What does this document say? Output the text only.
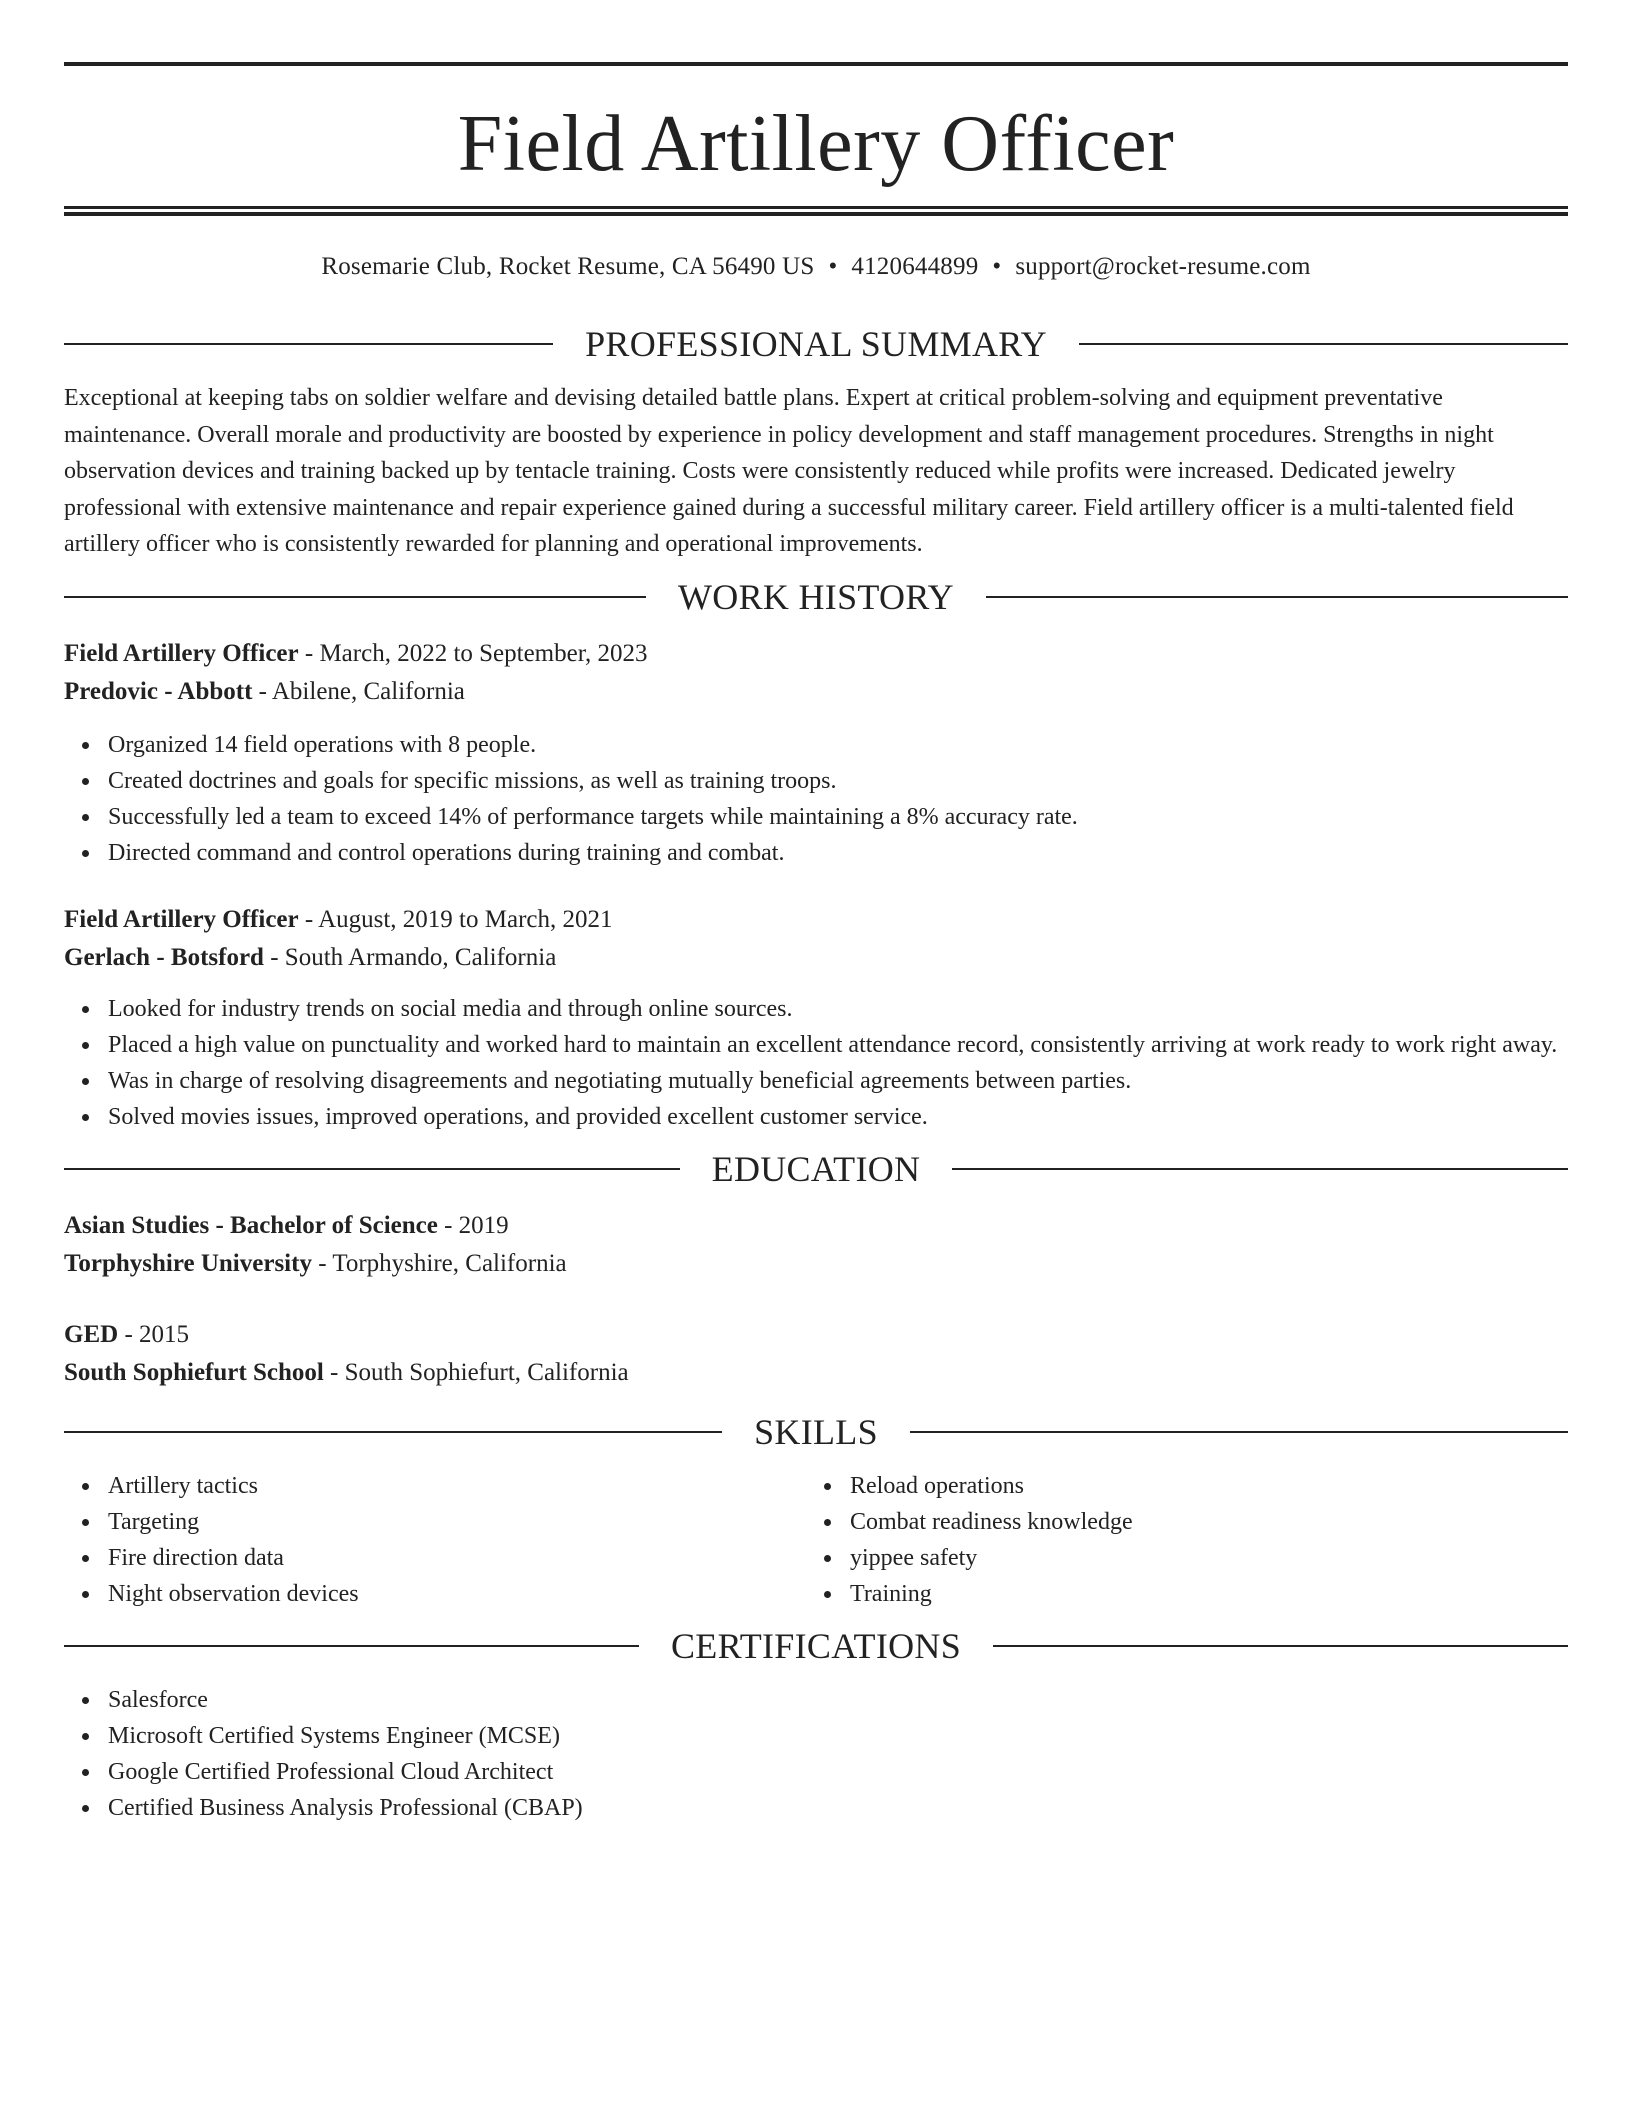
Field Artillery Officer
Rosemarie Club, Rocket Resume, CA 56490 US • 4120644899 • support@rocket-resume.com
PROFESSIONAL SUMMARY

Exceptional at keeping tabs on soldier welfare and devising detailed battle plans. Expert at critical problem-solving and equipment preventative maintenance. Overall morale and productivity are boosted by experience in policy development and staff management procedures. Strengths in night observation devices and training backed up by tentacle training. Costs were consistently reduced while profits were increased. Dedicated jewelry professional with extensive maintenance and repair experience gained during a successful military career. Field artillery officer is a multi-talented field artillery officer who is consistently rewarded for planning and operational improvements.

WORK HISTORY
Field Artillery Officer - March, 2022 to September, 2023
Predovic - Abbott - Abilene, California
Organized 14 field operations with 8 people.
Created doctrines and goals for specific missions, as well as training troops.
Successfully led a team to exceed 14% of performance targets while maintaining a 8% accuracy rate.
Directed command and control operations during training and combat.
Field Artillery Officer - August, 2019 to March, 2021
Gerlach - Botsford - South Armando, California
Looked for industry trends on social media and through online sources.
Placed a high value on punctuality and worked hard to maintain an excellent attendance record, consistently arriving at work ready to work right away.
Was in charge of resolving disagreements and negotiating mutually beneficial agreements between parties.
Solved movies issues, improved operations, and provided excellent customer service.
EDUCATION
Asian Studies - Bachelor of Science - 2019
Torphyshire University - Torphyshire, California
GED - 2015
South Sophiefurt School - South Sophiefurt, California
SKILLS
Artillery tactics
Targeting
Fire direction data
Night observation devices
Reload operations
Combat readiness knowledge
yippee safety
Training
CERTIFICATIONS
Salesforce
Microsoft Certified Systems Engineer (MCSE)
Google Certified Professional Cloud Architect
Certified Business Analysis Professional (CBAP)
